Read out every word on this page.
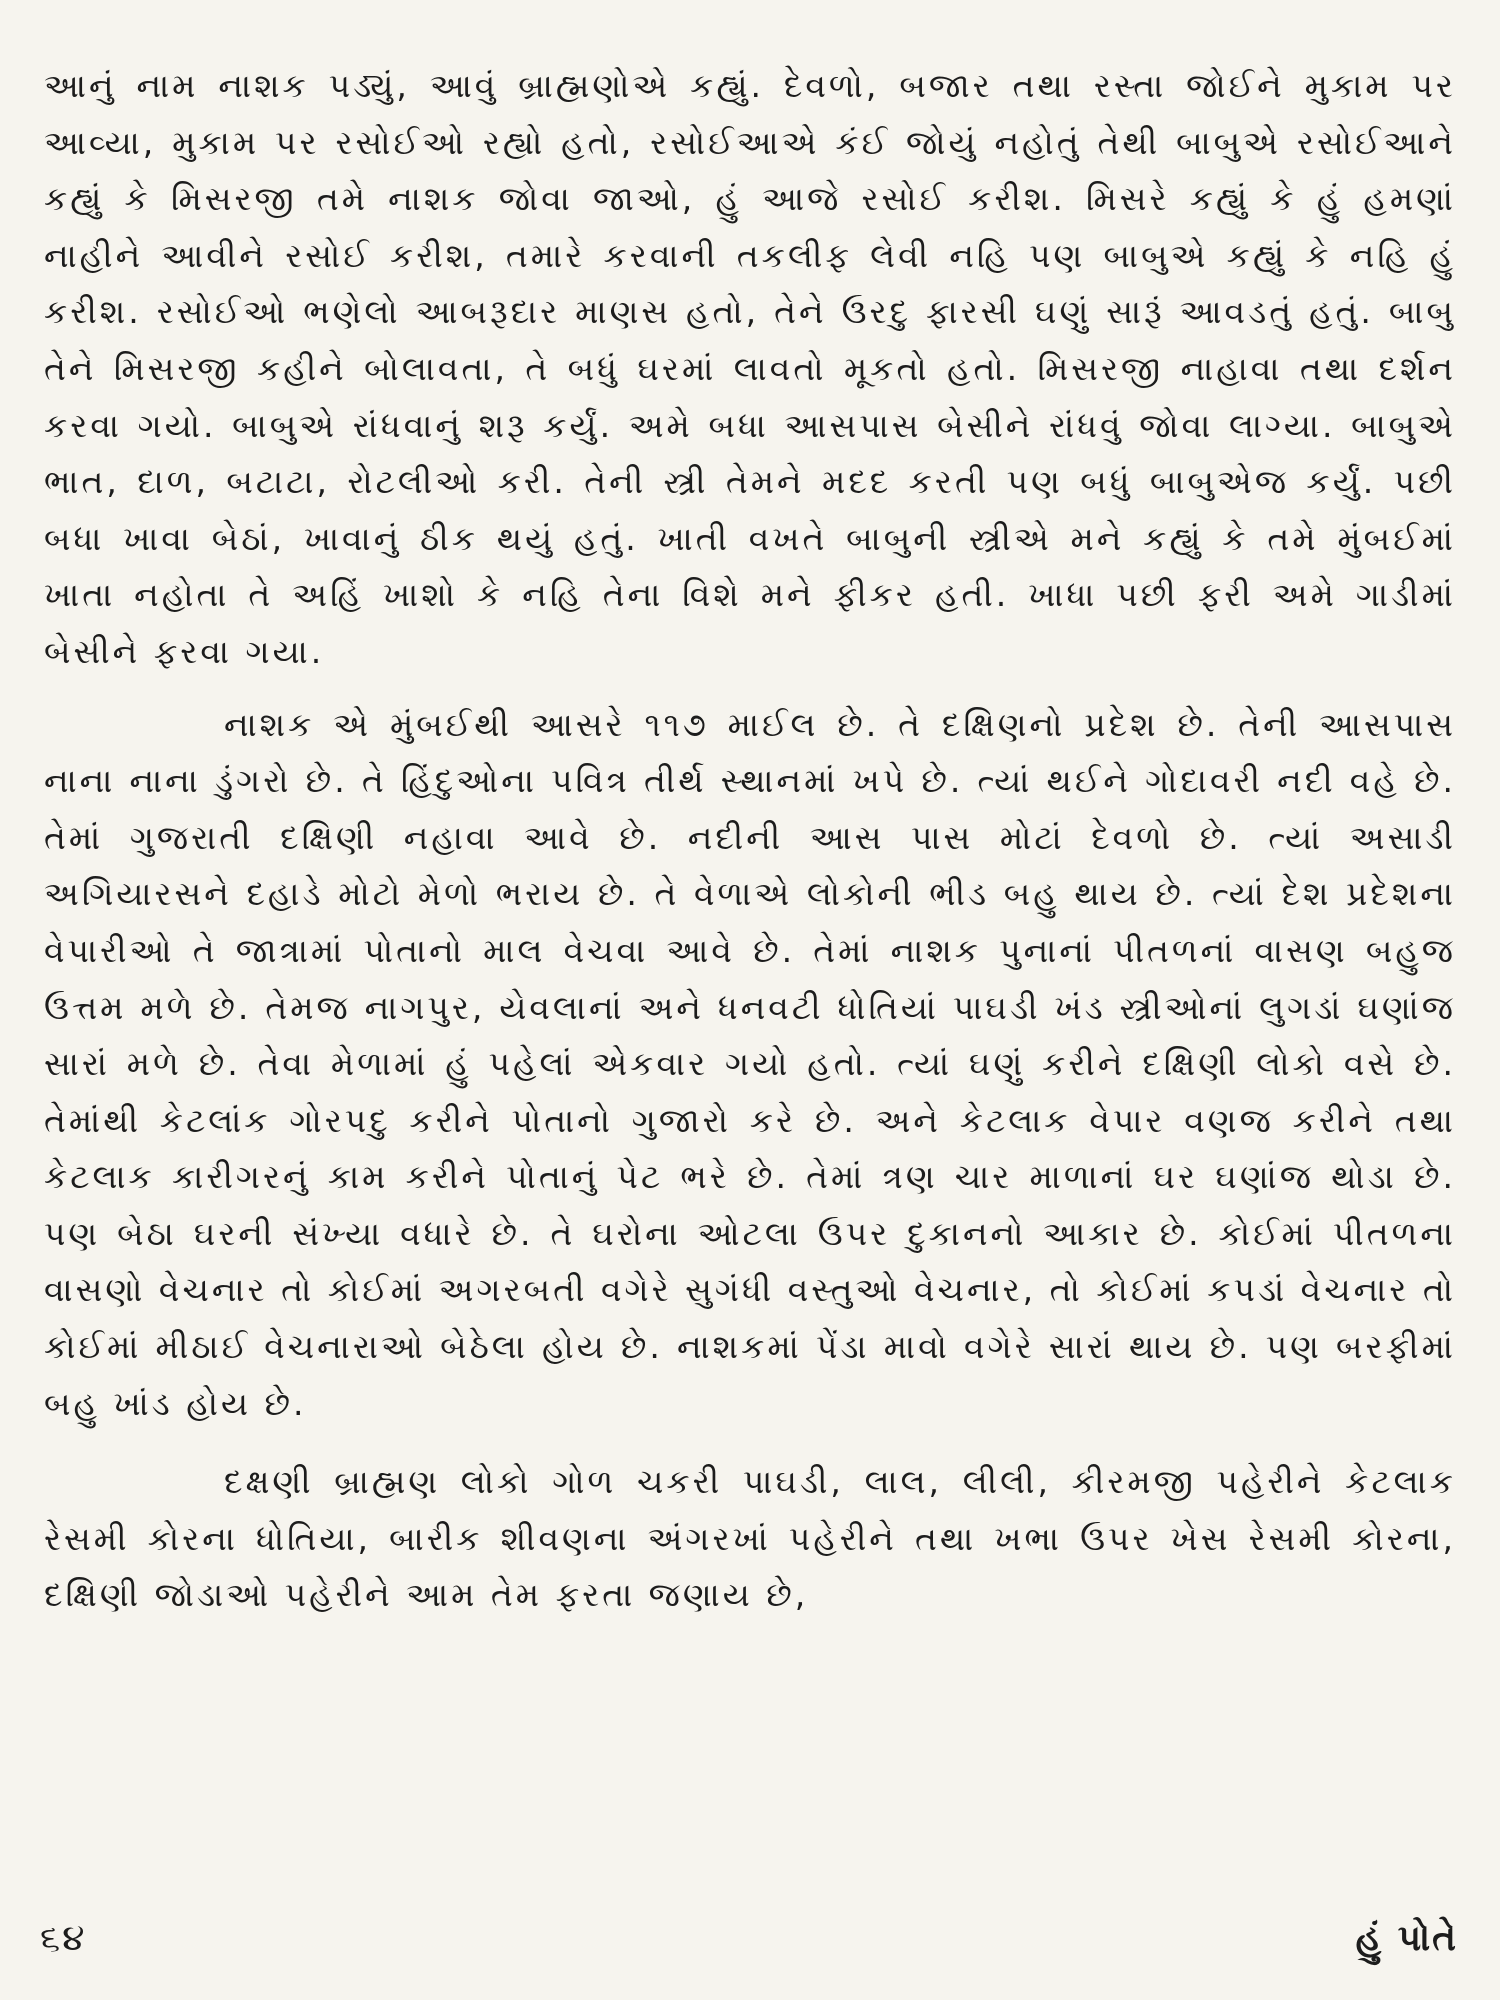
આનું નામ નાશક પડ્યું, આવું બ્રાહ્મણોએ કહ્યું. દેવળો, બજાર તથા રસ્તા જોઈને મુકામ પર આવ્યા, મુકામ પર રસોઈઓ રહ્યો હતો, રસોઈઆએ કંઈ જોયું નહોતું તેથી બાબુએ રસોઈઆને કહ્યું કે મિસરજી તમે નાશક જોવા જાઓ, હું આજે રસોઈ કરીશ. મિસરે કહ્યું કે હું હમણાં નાહીને આવીને રસોઈ કરીશ, તમારે કરવાની તકલીફ લેવી નહિ પણ બાબુએ કહ્યું કે નહિ હું કરીશ. રસોઈઓ ભણેલો આબરૂદાર માણસ હતો, તેને ઉરદુ ફારસી ઘણું સારૂં આવડતું હતું. બાબુ તેને મિસરજી કહીને બોલાવતા, તે બધું ઘરમાં લાવતો મૂકતો હતો. મિસરજી નાહાવા તથા દર્શન કરવા ગયો. બાબુએ રાંધવાનું શરૂ કર્યું. અમે બધા આસપાસ બેસીને રાંધવું જોવા લાગ્યા. બાબુએ ભાત, દાળ, બટાટા, રોટલીઓ કરી. તેની સ્ત્રી તેમને મદદ કરતી પણ બધું બાબુએજ કર્યું. પછી બધા ખાવા બેઠાં, ખાવાનું ઠીક થયું હતું. ખાતી વખતે બાબુની સ્ત્રીએ મને કહ્યું કે તમે મુંબઈમાં ખાતા નહોતા તે અહિં ખાશો કે નહિ તેના વિશે મને ફીકર હતી. ખાધા પછી ફરી અમે ગાડીમાં બેસીને ફરવા ગયા.

નાશક એ મુંબઈથી આસરે ૧૧૭ માઈલ છે. તે દક્ષિણનો પ્રદેશ છે. તેની આસપાસ નાના નાના ડુંગરો છે. તે હિંદુઓના પવિત્ર તીર્થ સ્થાનમાં ખપે છે. ત્યાં થઈને ગોદાવરી નદી વહે છે. તેમાં ગુજરાતી દક્ષિણી નહાવા આવે છે. નદીની આસ પાસ મોટાં દેવળો છે. ત્યાં અસાડી અગિયારસને દહાડે મોટો મેળો ભરાય છે. તે વેળાએ લોકોની ભીડ બહુ થાય છે. ત્યાં દેશ પ્રદેશના વેપારીઓ તે જાત્રામાં પોતાનો માલ વેચવા આવે છે. તેમાં નાશક પુનાનાં પીતળનાં વાસણ બહુજ ઉત્તમ મળે છે. તેમજ નાગપુર, યેવલાનાં અને ધનવટી ધોતિયાં પાઘડી ખંડ સ્ત્રીઓનાં લુગડાં ઘણાંજ સારાં મળે છે. તેવા મેળામાં હું પહેલાં એકવાર ગયો હતો. ત્યાં ઘણું કરીને દક્ષિણી લોકો વસે છે. તેમાંથી કેટલાંક ગોરપદુ કરીને પોતાનો ગુજારો કરે છે. અને કેટલાક વેપાર વણજ કરીને તથા કેટલાક કારીગરનું કામ કરીને પોતાનું પેટ ભરે છે. તેમાં ત્રણ ચાર માળાનાં ઘર ઘણાંજ થોડા છે. પણ બેઠા ઘરની સંખ્યા વધારે છે. તે ઘરોના ઓટલા ઉપર દુકાનનો આકાર છે. કોઈમાં પીતળના વાસણો વેચનાર તો કોઈમાં અગરબતી વગેરે સુગંધી વસ્તુઓ વેચનાર, તો કોઈમાં કપડાં વેચનાર તો કોઈમાં મીઠાઈ વેચનારાઓ બેઠેલા હોય છે. નાશકમાં પેંડા માવો વગેરે સારાં થાય છે. પણ બરફીમાં બહુ ખાંડ હોય છે.

દક્ષણી બ્રાહ્મણ લોકો ગોળ ચકરી પાઘડી, લાલ, લીલી, કીરમજી પહેરીને કેટલાક રેસમી કોરના ધોતિયા, બારીક શીવણના અંગરખાં પહેરીને તથા ખભા ઉપર ખેસ રેસમી કોરના, દક્ષિણી જોડાઓ પહેરીને આમ તેમ ફરતા જણાય છે,

૬૪	હું પોતે
